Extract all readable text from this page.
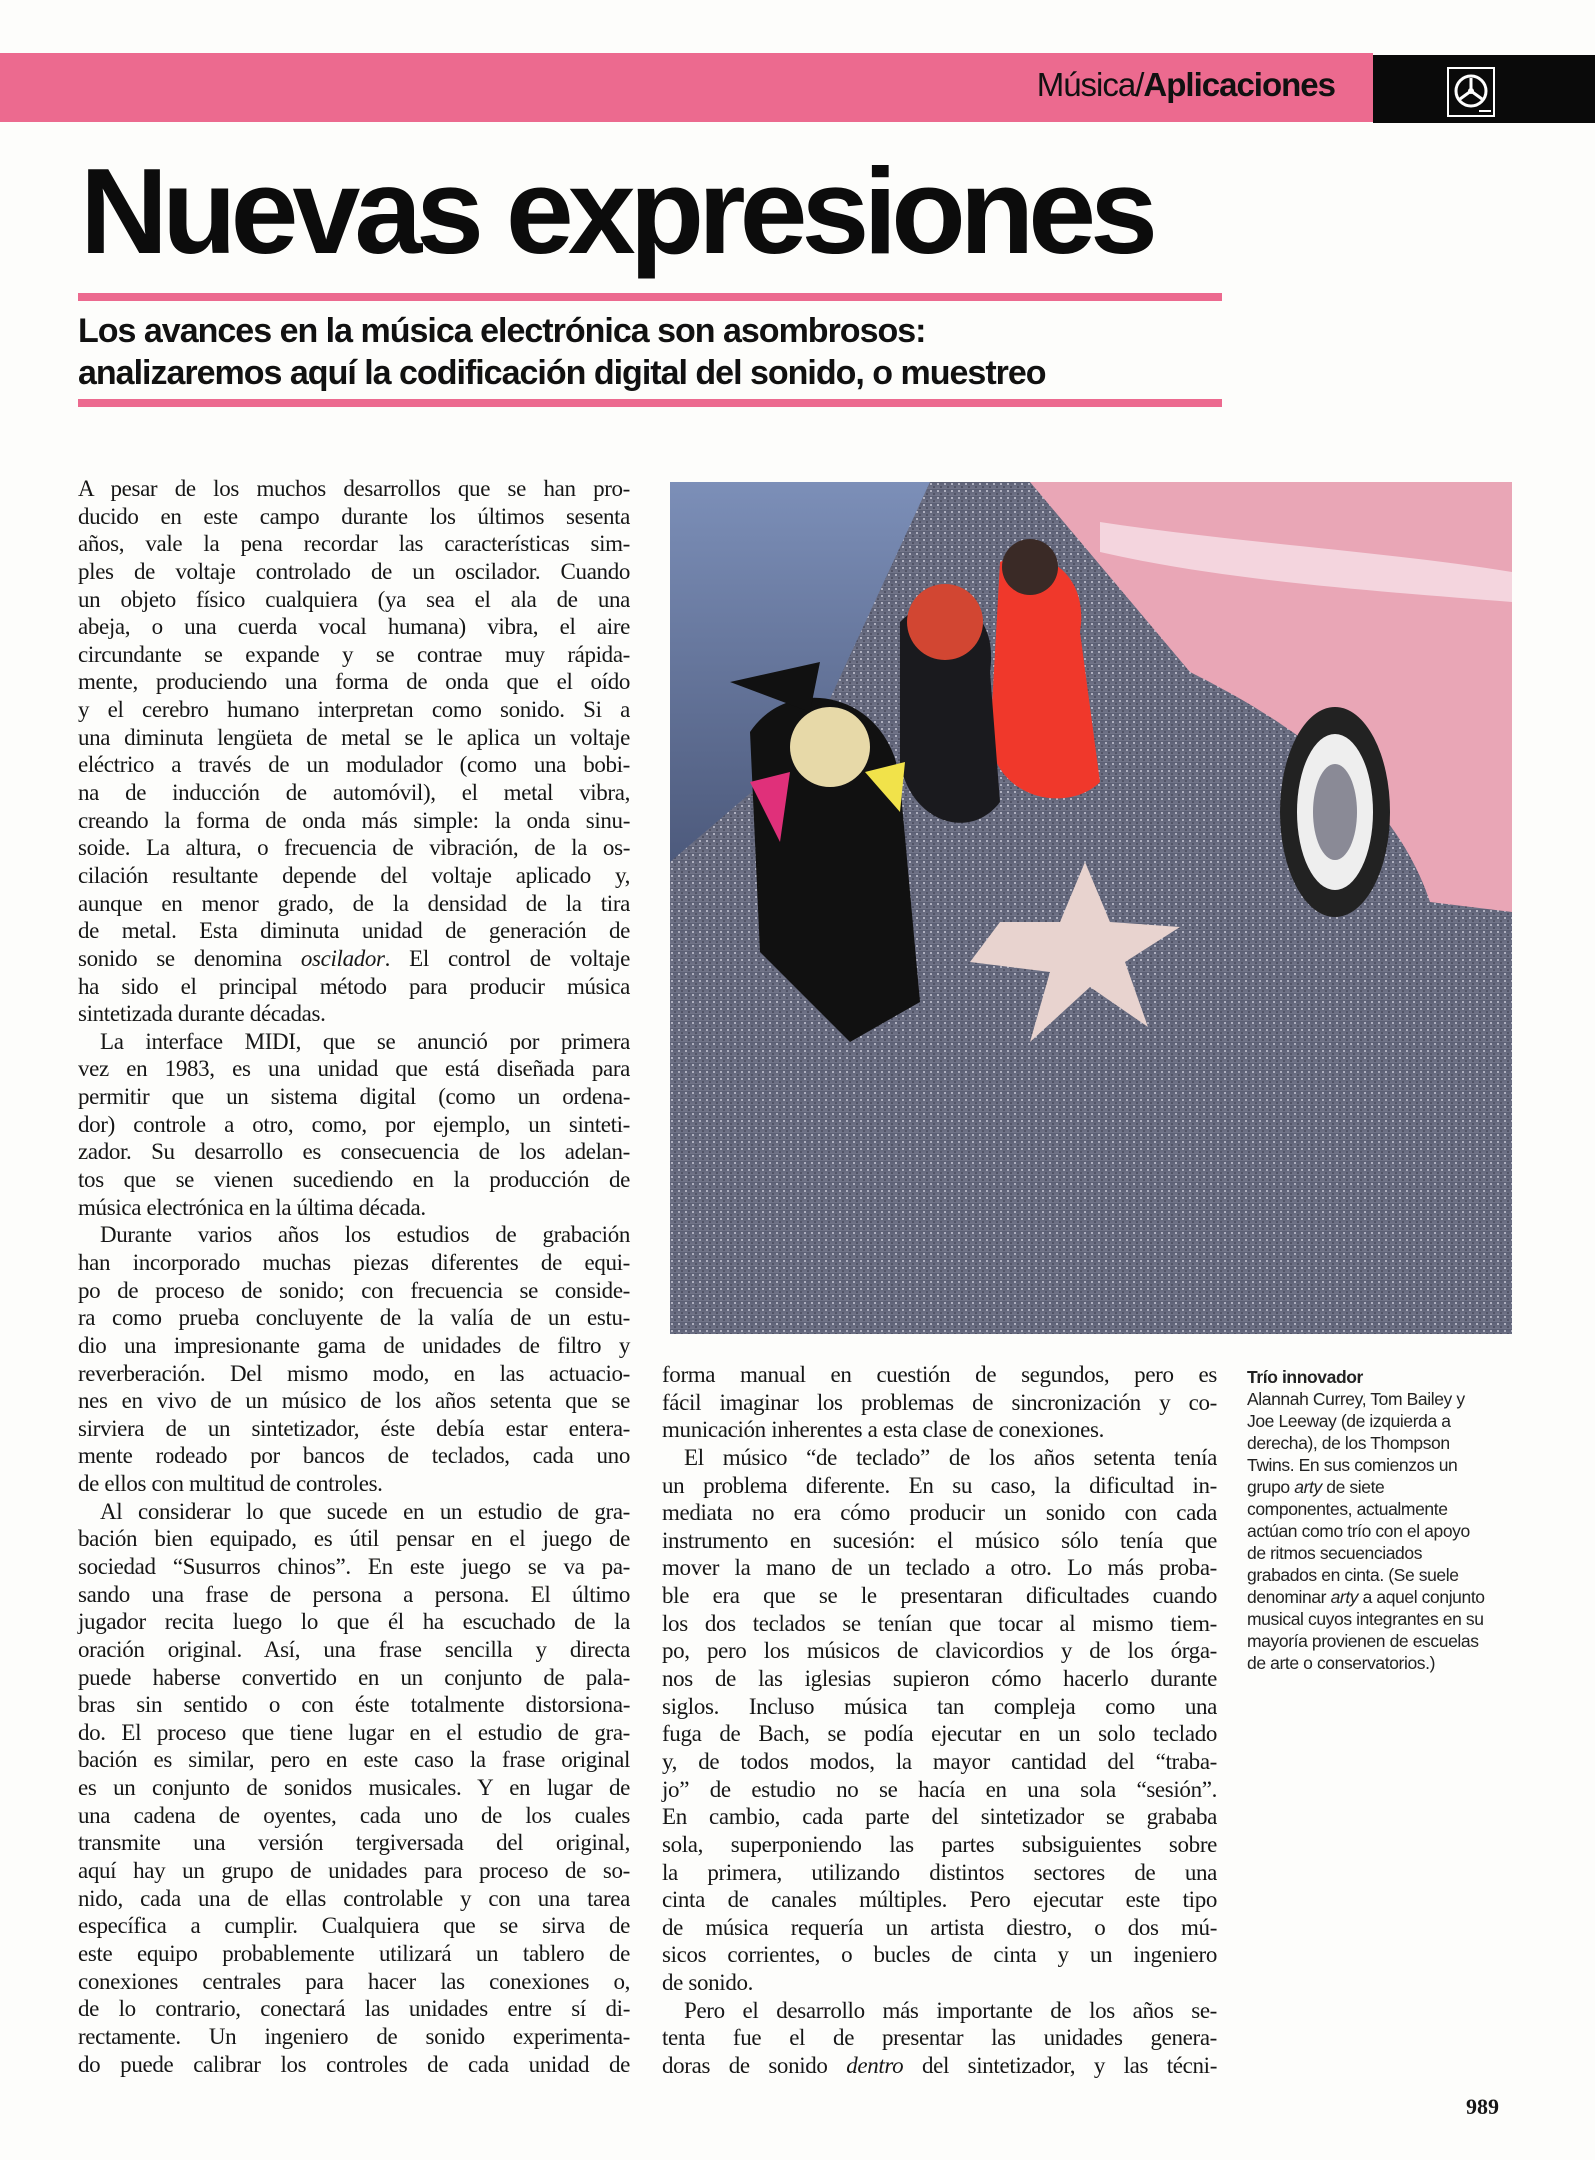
Música/Aplicaciones
Nuevas expresiones
Los avances en la música electrónica son asombrosos:
analizaremos aquí la codificación digital del sonido, o muestreo
A pesar de los muchos desarrollos que se han pro-
ducido en este campo durante los últimos sesenta
años, vale la pena recordar las características sim-
ples de voltaje controlado de un oscilador. Cuando
un objeto físico cualquiera (ya sea el ala de una
abeja, o una cuerda vocal humana) vibra, el aire
circundante se expande y se contrae muy rápida-
mente, produciendo una forma de onda que el oído
y el cerebro humano interpretan como sonido. Si a
una diminuta lengüeta de metal se le aplica un voltaje
eléctrico a través de un modulador (como una bobi-
na de inducción de automóvil), el metal vibra,
creando la forma de onda más simple: la onda sinu-
soide. La altura, o frecuencia de vibración, de la os-
cilación resultante depende del voltaje aplicado y,
aunque en menor grado, de la densidad de la tira
de metal. Esta diminuta unidad de generación de
sonido se denomina oscilador. El control de voltaje
ha sido el principal método para producir música
sintetizada durante décadas.
La interface MIDI, que se anunció por primera
vez en 1983, es una unidad que está diseñada para
permitir que un sistema digital (como un ordena-
dor) controle a otro, como, por ejemplo, un sinteti-
zador. Su desarrollo es consecuencia de los adelan-
tos que se vienen sucediendo en la producción de
música electrónica en la última década.
Durante varios años los estudios de grabación
han incorporado muchas piezas diferentes de equi-
po de proceso de sonido; con frecuencia se conside-
ra como prueba concluyente de la valía de un estu-
dio una impresionante gama de unidades de filtro y
reverberación. Del mismo modo, en las actuacio-
nes en vivo de un músico de los años setenta que se
sirviera de un sintetizador, éste debía estar entera-
mente rodeado por bancos de teclados, cada uno
de ellos con multitud de controles.
Al considerar lo que sucede en un estudio de gra-
bación bien equipado, es útil pensar en el juego de
sociedad “Susurros chinos”. En este juego se va pa-
sando una frase de persona a persona. El último
jugador recita luego lo que él ha escuchado de la
oración original. Así, una frase sencilla y directa
puede haberse convertido en un conjunto de pala-
bras sin sentido o con éste totalmente distorsiona-
do. El proceso que tiene lugar en el estudio de gra-
bación es similar, pero en este caso la frase original
es un conjunto de sonidos musicales. Y en lugar de
una cadena de oyentes, cada uno de los cuales
transmite una versión tergiversada del original,
aquí hay un grupo de unidades para proceso de so-
nido, cada una de ellas controlable y con una tarea
específica a cumplir. Cualquiera que se sirva de
este equipo probablemente utilizará un tablero de
conexiones centrales para hacer las conexiones o,
de lo contrario, conectará las unidades entre sí di-
rectamente. Un ingeniero de sonido experimenta-
do puede calibrar los controles de cada unidad de
forma manual en cuestión de segundos, pero es
fácil imaginar los problemas de sincronización y co-
municación inherentes a esta clase de conexiones.
El músico “de teclado” de los años setenta tenía
un problema diferente. En su caso, la dificultad in-
mediata no era cómo producir un sonido con cada
instrumento en sucesión: el músico sólo tenía que
mover la mano de un teclado a otro. Lo más proba-
ble era que se le presentaran dificultades cuando
los dos teclados se tenían que tocar al mismo tiem-
po, pero los músicos de clavicordios y de los órga-
nos de las iglesias supieron cómo hacerlo durante
siglos. Incluso música tan compleja como una
fuga de Bach, se podía ejecutar en un solo teclado
y, de todos modos, la mayor cantidad del “traba-
jo” de estudio no se hacía en una sola “sesión”.
En cambio, cada parte del sintetizador se grababa
sola, superponiendo las partes subsiguientes sobre
la primera, utilizando distintos sectores de una
cinta de canales múltiples. Pero ejecutar este tipo
de música requería un artista diestro, o dos mú-
sicos corrientes, o bucles de cinta y un ingeniero
de sonido.
Pero el desarrollo más importante de los años se-
tenta fue el de presentar las unidades genera-
doras de sonido dentro del sintetizador, y las técni-
Trío innovador
Alannah Currey, Tom Bailey y
Joe Leeway (de izquierda a
derecha), de los Thompson
Twins. En sus comienzos un
grupo arty de siete
componentes, actualmente
actúan como trío con el apoyo
de ritmos secuenciados
grabados en cinta. (Se suele
denominar arty a aquel conjunto
musical cuyos integrantes en su
mayoría provienen de escuelas
de arte o conservatorios.)
989
